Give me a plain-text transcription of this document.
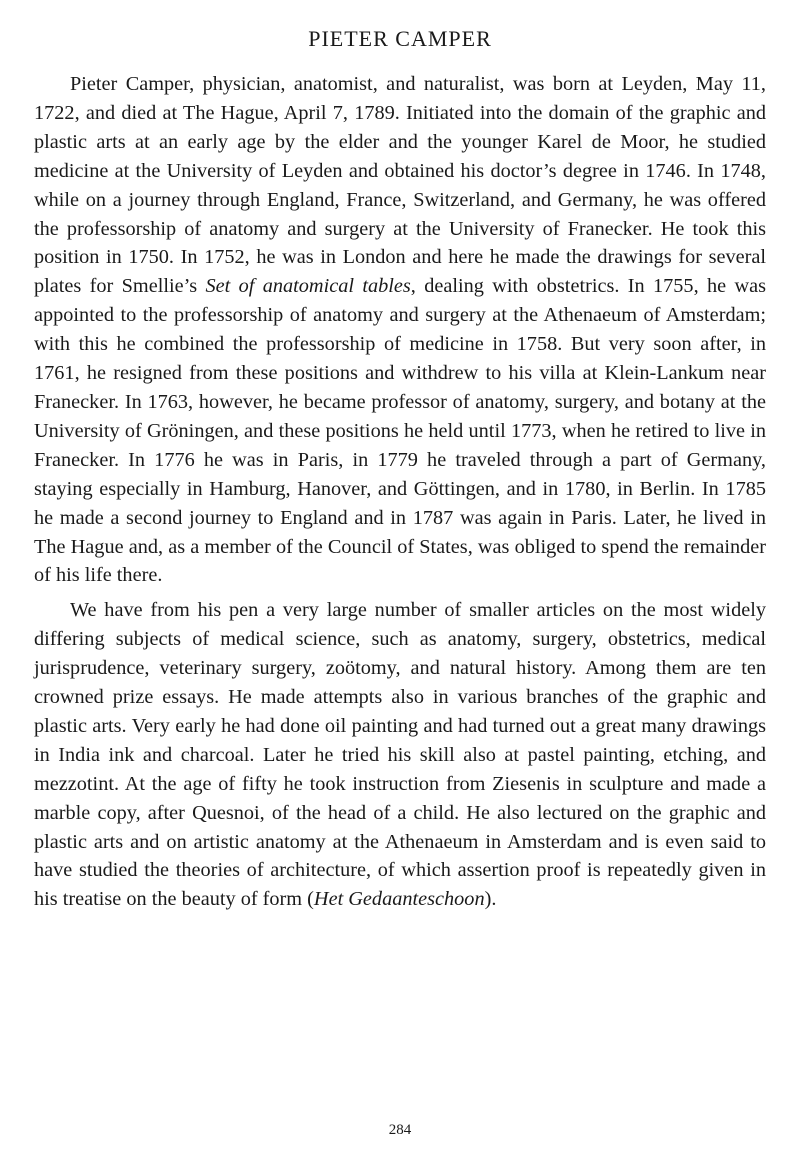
PIETER CAMPER

Pieter Camper, physician, anatomist, and naturalist, was born at Leyden, May 11, 1722, and died at The Hague, April 7, 1789. Initiated into the domain of the graphic and plastic arts at an early age by the elder and the younger Karel de Moor, he studied medicine at the University of Leyden and obtained his doctor’s degree in 1746. In 1748, while on a journey through England, France, Switzerland, and Germany, he was offered the professorship of anatomy and surgery at the University of Franecker. He took this position in 1750. In 1752, he was in London and here he made the drawings for several plates for Smellie’s Set of anatomical tables, dealing with obstetrics. In 1755, he was appointed to the professorship of anatomy and surgery at the Athenaeum of Amsterdam; with this he combined the professorship of medicine in 1758. But very soon after, in 1761, he resigned from these positions and withdrew to his villa at Klein-Lankum near Franecker. In 1763, however, he became professor of anatomy, surgery, and botany at the University of Gröningen, and these positions he held until 1773, when he retired to live in Franecker. In 1776 he was in Paris, in 1779 he traveled through a part of Germany, staying especially in Hamburg, Hanover, and Göttingen, and in 1780, in Berlin. In 1785 he made a second journey to England and in 1787 was again in Paris. Later, he lived in The Hague and, as a member of the Council of States, was obliged to spend the remainder of his life there.

We have from his pen a very large number of smaller articles on the most widely differing subjects of medical science, such as anatomy, surgery, obstetrics, medical jurisprudence, veterinary surgery, zoötomy, and natural history. Among them are ten crowned prize essays. He made attempts also in various branches of the graphic and plastic arts. Very early he had done oil painting and had turned out a great many drawings in India ink and charcoal. Later he tried his skill also at pastel painting, etching, and mezzotint. At the age of fifty he took instruction from Ziesenis in sculpture and made a marble copy, after Quesnoi, of the head of a child. He also lectured on the graphic and plastic arts and on artistic anatomy at the Athenaeum in Amsterdam and is even said to have studied the theories of architecture, of which assertion proof is repeatedly given in his treatise on the beauty of form (Het Gedaanteschoon).

284
